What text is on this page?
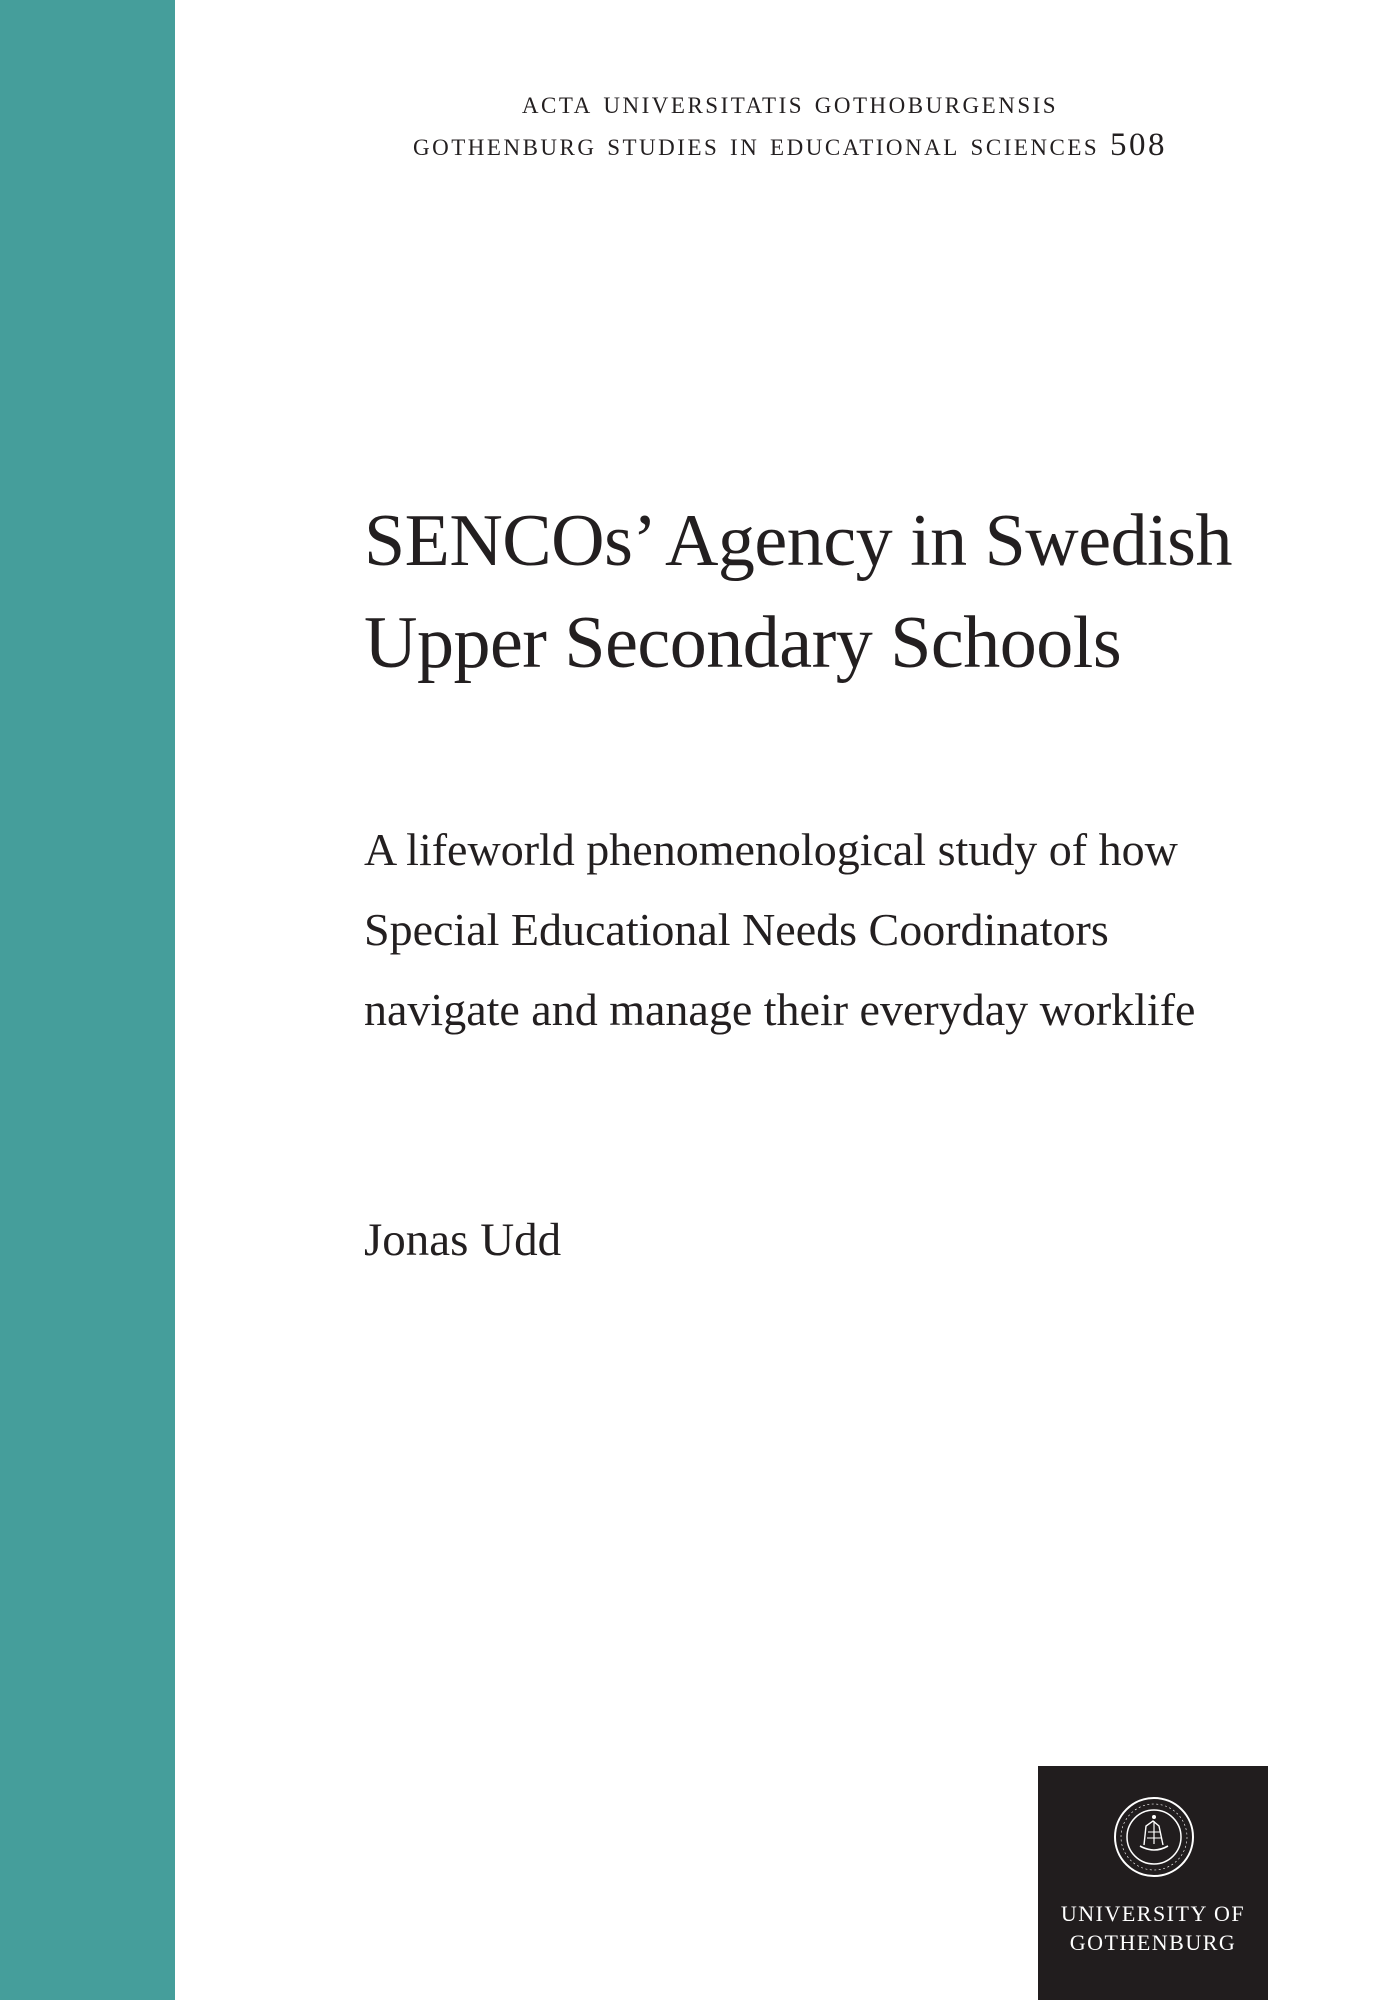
acta universitatis gothoburgensis
gothenburg studies in educational sciences 508
SENCOs’ Agency in Swedish
Upper Secondary Schools
A lifeworld phenomenological study of how
Special Educational Needs Coordinators
navigate and manage their everyday worklife
Jonas Udd
UNIVERSITY OF
GOTHENBURG
